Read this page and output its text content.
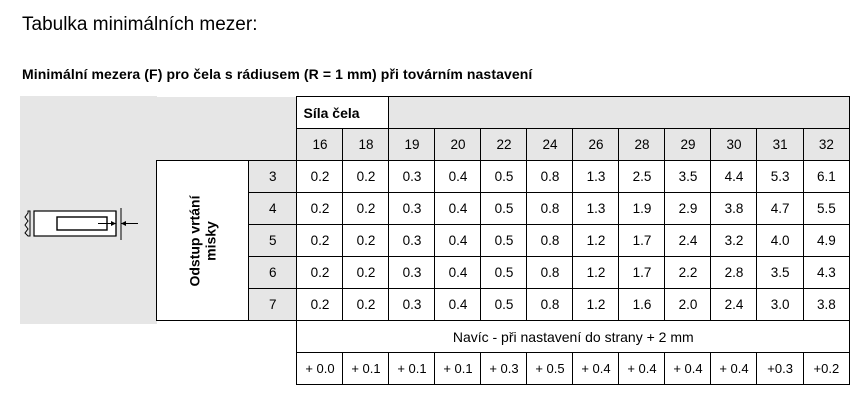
Tabulka minimálních mezer:
Minimální mezera (F) pro čela s rádiusem (R = 1 mm) při továrním nastavení
		Síla čela											
		16	18	19	20	22	24	26	28	29	30	31	32
Odstup vrtání
misky	3	0.2	0.2	0.3	0.4	0.5	0.8	1.3	2.5	3.5	4.4	5.3	6.1
	4	0.2	0.2	0.3	0.4	0.5	0.8	1.3	1.9	2.9	3.8	4.7	5.5
	5	0.2	0.2	0.3	0.4	0.5	0.8	1.2	1.7	2.4	3.2	4.0	4.9
	6	0.2	0.2	0.3	0.4	0.5	0.8	1.2	1.7	2.2	2.8	3.5	4.3
	7	0.2	0.2	0.3	0.4	0.5	0.8	1.2	1.6	2.0	2.4	3.0	3.8
		Navíc - při nastavení do strany + 2 mm											
		+ 0.0	+ 0.1	+ 0.1	+ 0.1	+ 0.3	+ 0.5	+ 0.4	+ 0.4	+ 0.4	+ 0.4	+0.3	+0.2
